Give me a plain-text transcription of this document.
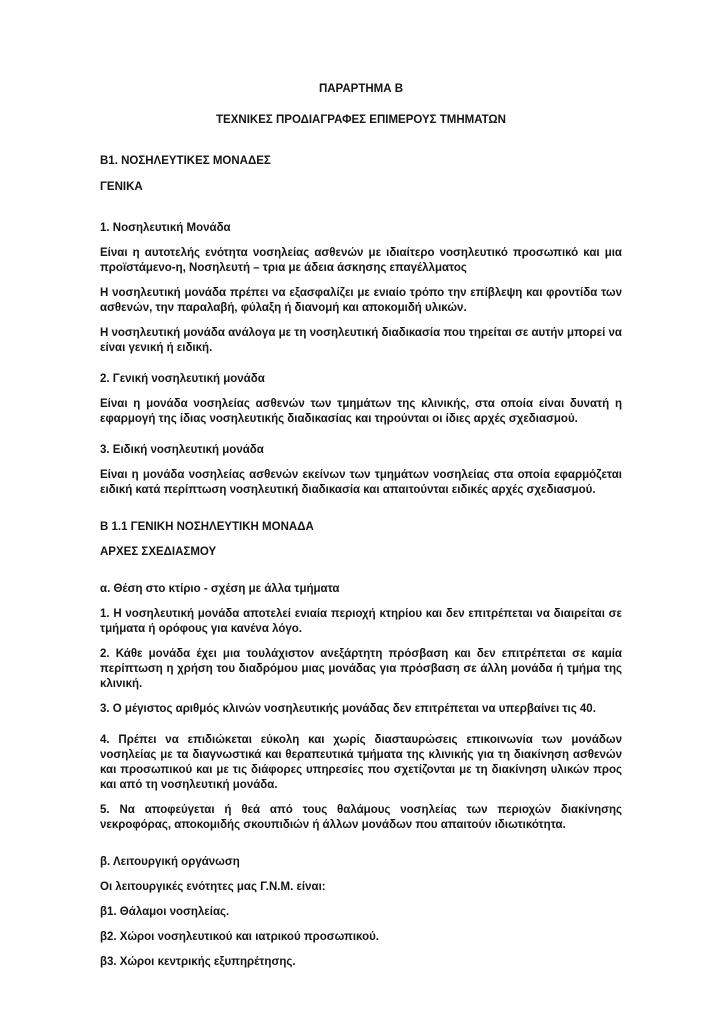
ΠΑΡΑΡΤΗΜΑ Β
ΤΕΧΝΙΚΕΣ ΠΡΟΔΙΑΓΡΑΦΕΣ ΕΠΙΜΕΡΟΥΣ ΤΜΗΜΑΤΩΝ
Β1. ΝΟΣΗΛΕΥΤΙΚΕΣ ΜΟΝΑΔΕΣ
ΓΕΝΙΚΑ
1. Νοσηλευτική Μονάδα
Είναι η αυτοτελής ενότητα νοσηλείας ασθενών με ιδιαίτερο νοσηλευτικό προσωπικό και μια προϊστάμενο-η, Νοσηλευτή – τρια με άδεια άσκησης επαγέλλματος
Η νοσηλευτική μονάδα πρέπει να εξασφαλίζει με ενιαίο τρόπο την επίβλεψη και φροντίδα των ασθενών, την παραλαβή, φύλαξη ή διανομή και αποκομιδή υλικών.
Η νοσηλευτική μονάδα ανάλογα με τη νοσηλευτική διαδικασία που τηρείται σε αυτήν μπορεί να είναι γενική ή ειδική.
2. Γενική νοσηλευτική μονάδα
Είναι η μονάδα νοσηλείας ασθενών των τμημάτων της κλινικής, στα οποία είναι δυνατή η εφαρμογή της ίδιας νοσηλευτικής διαδικασίας και τηρούνται οι ίδιες αρχές σχεδιασμού.
3. Ειδική νοσηλευτική μονάδα
Είναι η μονάδα νοσηλείας ασθενών εκείνων των τμημάτων νοσηλείας στα οποία εφαρμόζεται ειδική κατά περίπτωση νοσηλευτική διαδικασία και απαιτούνται ειδικές αρχές σχεδιασμού.
Β 1.1 ΓΕΝΙΚΗ ΝΟΣΗΛΕΥΤΙΚΗ ΜΟΝΑΔΑ
ΑΡΧΕΣ ΣΧΕΔΙΑΣΜΟΥ
α. Θέση στο κτίριο - σχέση με άλλα τμήματα
1. Η νοσηλευτική μονάδα αποτελεί ενιαία περιοχή κτηρίου και δεν επιτρέπεται να διαιρείται σε τμήματα ή ορόφους για κανένα λόγο.
2. Κάθε μονάδα έχει μια τουλάχιστον ανεξάρτητη πρόσβαση και δεν επιτρέπεται σε καμία περίπτωση η χρήση του διαδρόμου μιας μονάδας για πρόσβαση σε άλλη μονάδα ή τμήμα της κλινική.
3. Ο μέγιστος αριθμός κλινών νοσηλευτικής μονάδας δεν επιτρέπεται να υπερβαίνει τις 40.
4. Πρέπει να επιδιώκεται εύκολη και χωρίς διασταυρώσεις επικοινωνία των μονάδων νοσηλείας με τα διαγνωστικά και θεραπευτικά τμήματα της κλινικής για τη διακίνηση ασθενών και προσωπικού και με τις διάφορες υπηρεσίες που σχετίζονται με τη διακίνηση υλικών προς και από τη νοσηλευτική μονάδα.
5. Να αποφεύγεται ή θεά από τους θαλάμους νοσηλείας των περιοχών διακίνησης νεκροφόρας, αποκομιδής σκουπιδιών ή άλλων μονάδων που απαιτούν ιδιωτικότητα.
β. Λειτουργική οργάνωση
Οι λειτουργικές ενότητες μας Γ.Ν.Μ. είναι:
β1. Θάλαμοι νοσηλείας.
β2. Χώροι νοσηλευτικού και ιατρικού προσωπικού.
β3. Χώροι κεντρικής εξυπηρέτησης.
